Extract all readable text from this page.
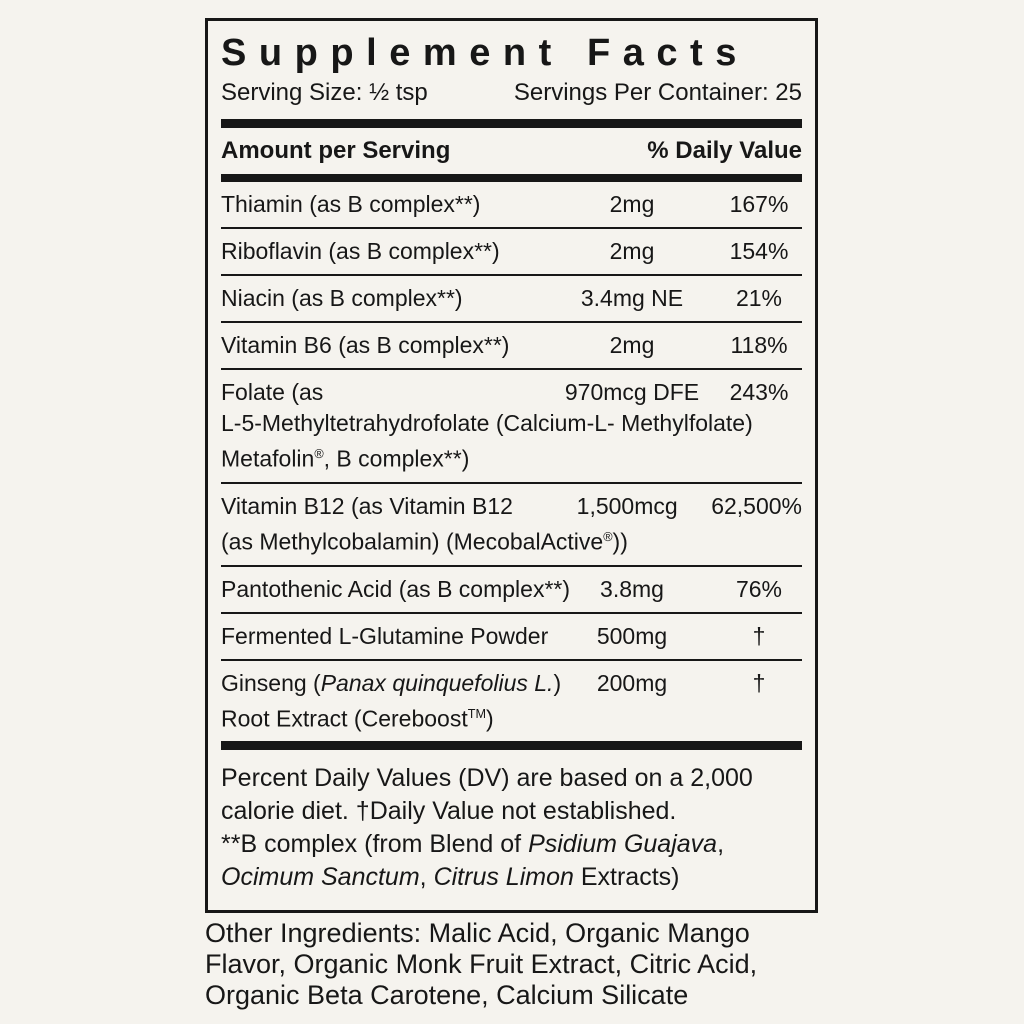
Supplement Facts
Serving Size: ½ tsp	Servings Per Container: 25
Amount per Serving	% Daily Value
Thiamin (as B complex**)	2mg	167%
Riboflavin (as B complex**)	2mg	154%
Niacin (as B complex**)	3.4mg NE	21%
Vitamin B6 (as B complex**)	2mg	118%
Folate (as	970mcg DFE	243%
L-5-Methyltetrahydrofolate (Calcium-L- Methylfolate)
Metafolin®, B complex**)
Vitamin B12 (as Vitamin B12	1,500mcg	62,500%
(as Methylcobalamin) (MecobalActive®))
Pantothenic Acid (as B complex**)	3.8mg	76%
Fermented L-Glutamine Powder	500mg	†
Ginseng (Panax quinquefolius L.)	200mg	†
Root Extract (Cereboost™)
Percent Daily Values (DV) are based on a 2,000
calorie diet. †Daily Value not established.
**B complex (from Blend of Psidium Guajava,
Ocimum Sanctum, Citrus Limon Extracts)
Other Ingredients: Malic Acid, Organic Mango
Flavor, Organic Monk Fruit Extract, Citric Acid,
Organic Beta Carotene, Calcium Silicate
